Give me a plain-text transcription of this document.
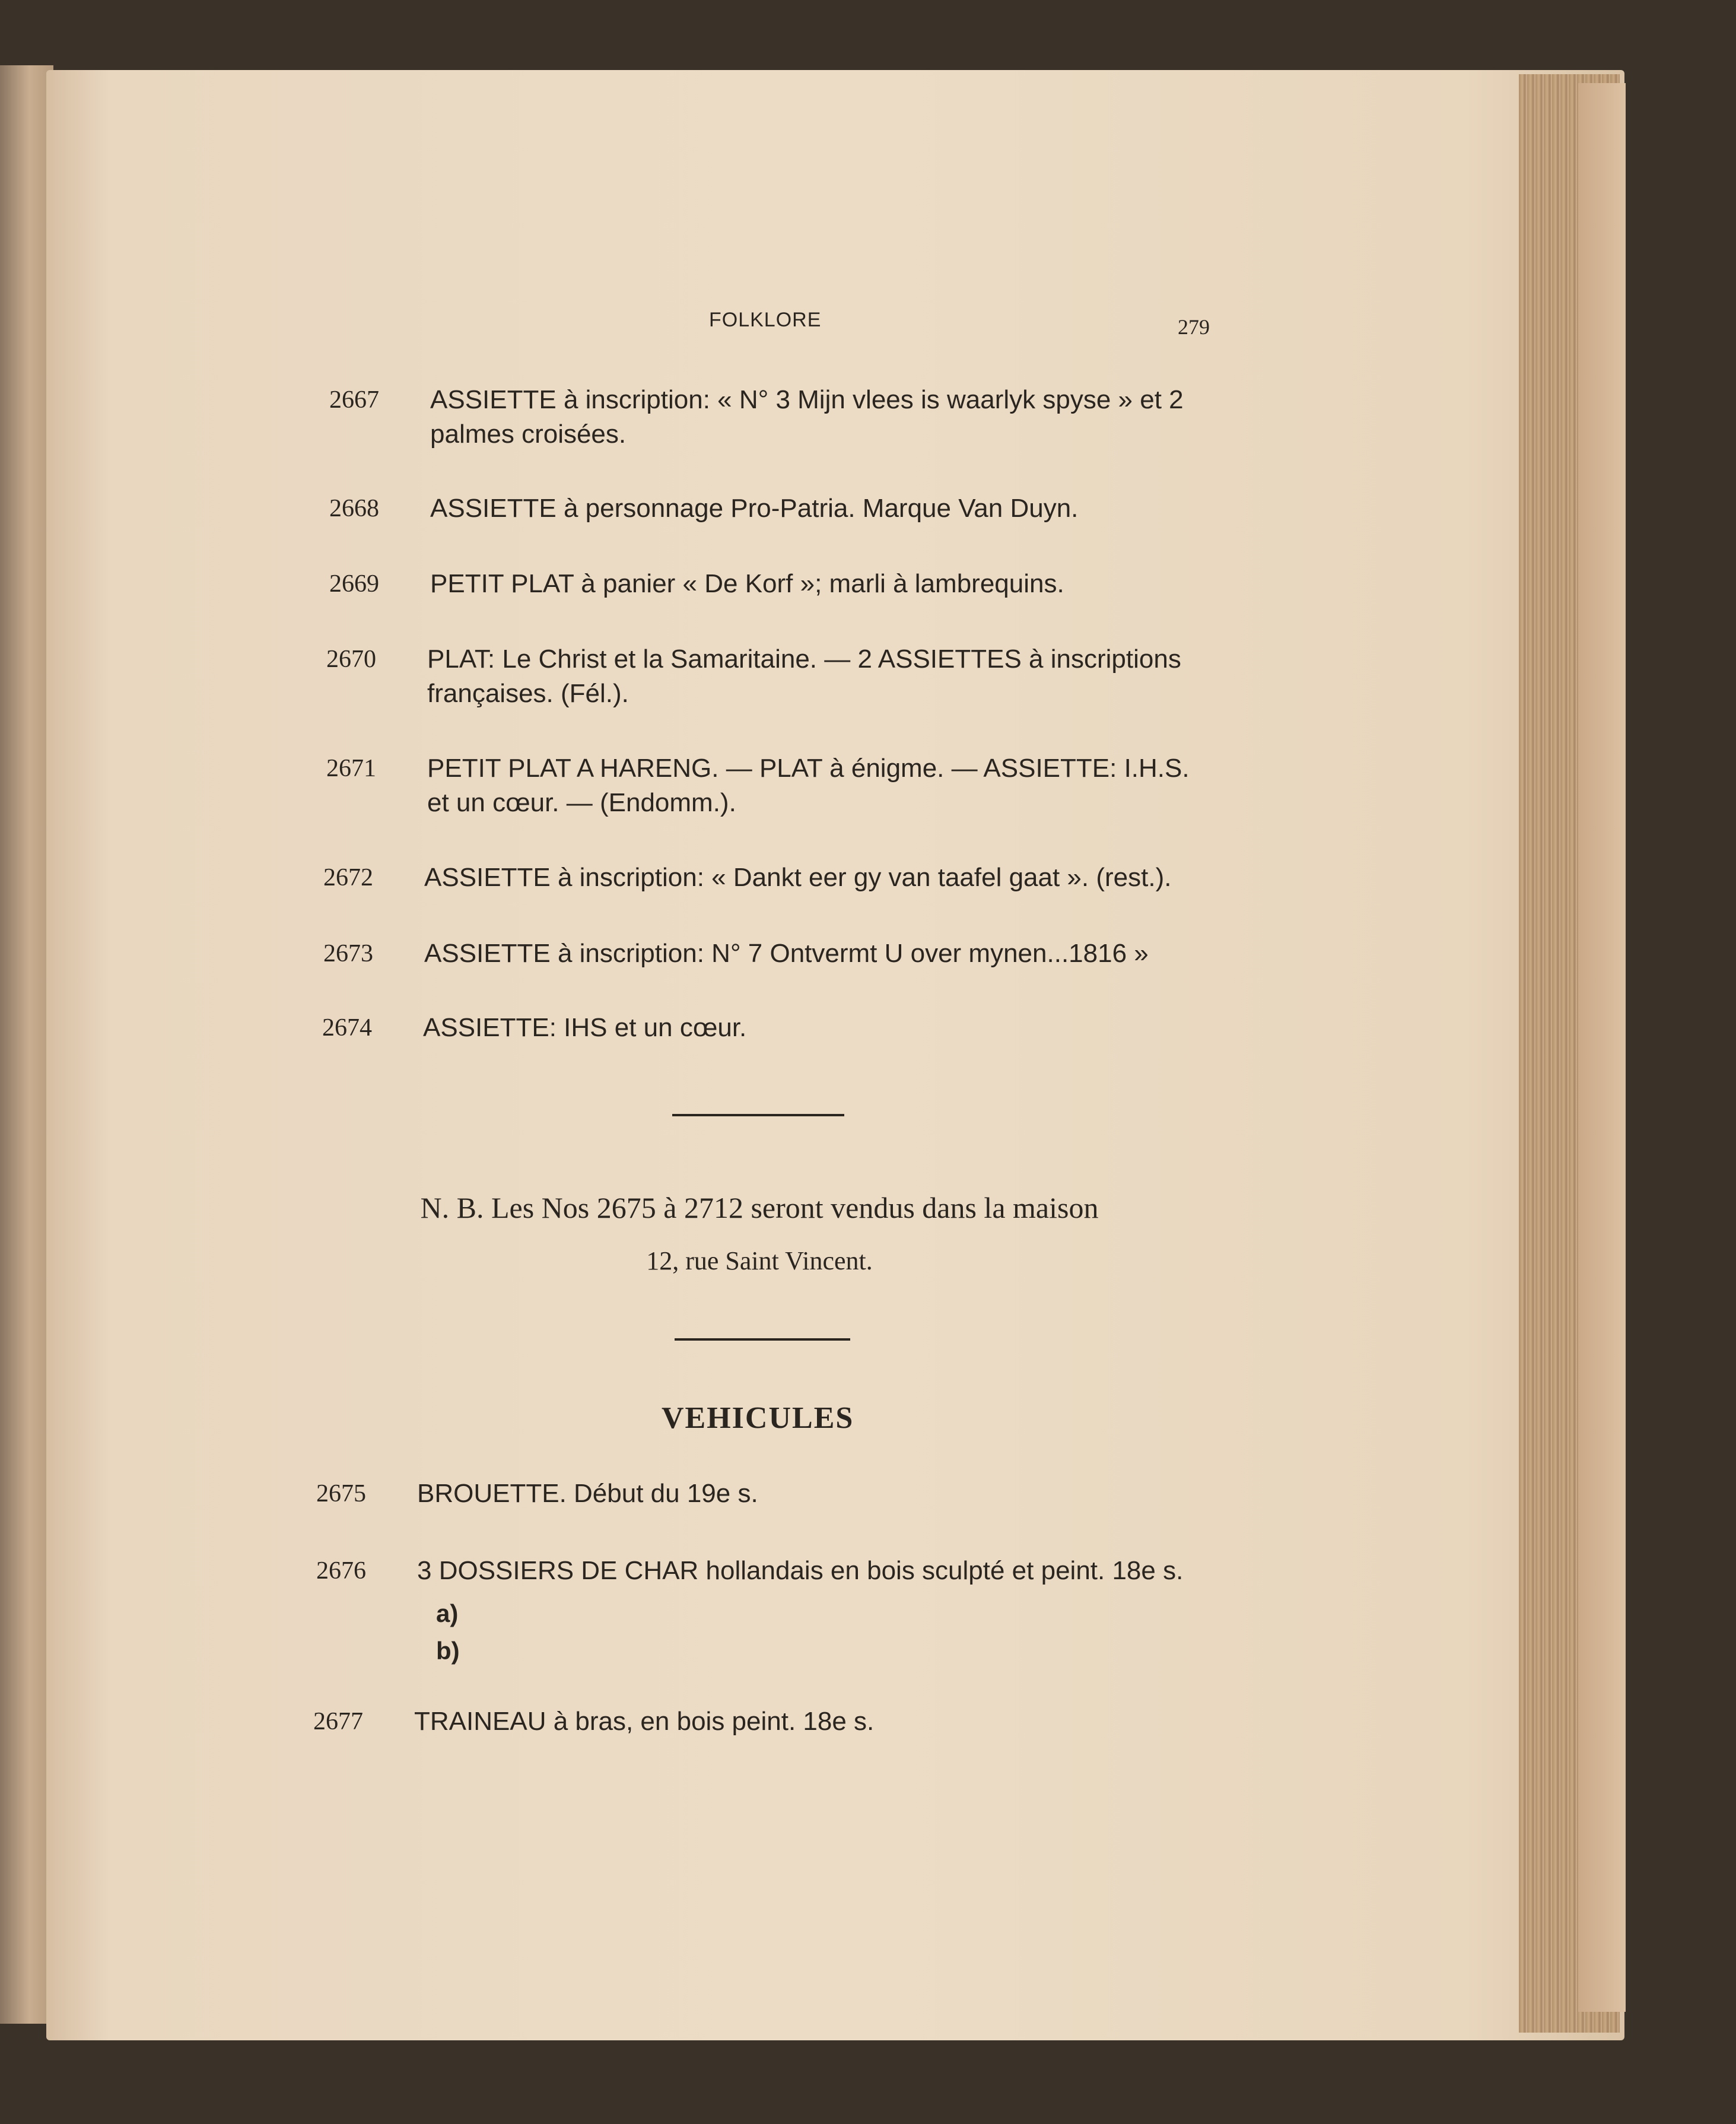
FOLKLORE	279
2667	ASSIETTE à inscription: « N° 3 Mijn vlees is waarlyk spyse » et 2 palmes croisées.
2668	ASSIETTE à personnage Pro-Patria. Marque Van Duyn.
2669	PETIT PLAT à panier « De Korf »; marli à lambrequins.
2670	PLAT: Le Christ et la Samaritaine. — 2 ASSIETTES à inscriptions françaises. (Fél.).
2671	PETIT PLAT A HARENG. — PLAT à énigme. — ASSIETTE: I.H.S. et un cœur. — (Endomm.).
2672	ASSIETTE à inscription: « Dankt eer gy van taafel gaat ». (rest.).
2673	ASSIETTE à inscription: N° 7 Ontvermt U over mynen...1816 »
2674	ASSIETTE: IHS et un cœur.
N. B. Les Nos 2675 à 2712 seront vendus dans la maison
12, rue Saint Vincent.
VEHICULES
2675	BROUETTE. Début du 19e s.
2676	3 DOSSIERS DE CHAR hollandais en bois sculpté et peint. 18e s.
a)
b)
2677	TRAINEAU à bras, en bois peint. 18e s.
